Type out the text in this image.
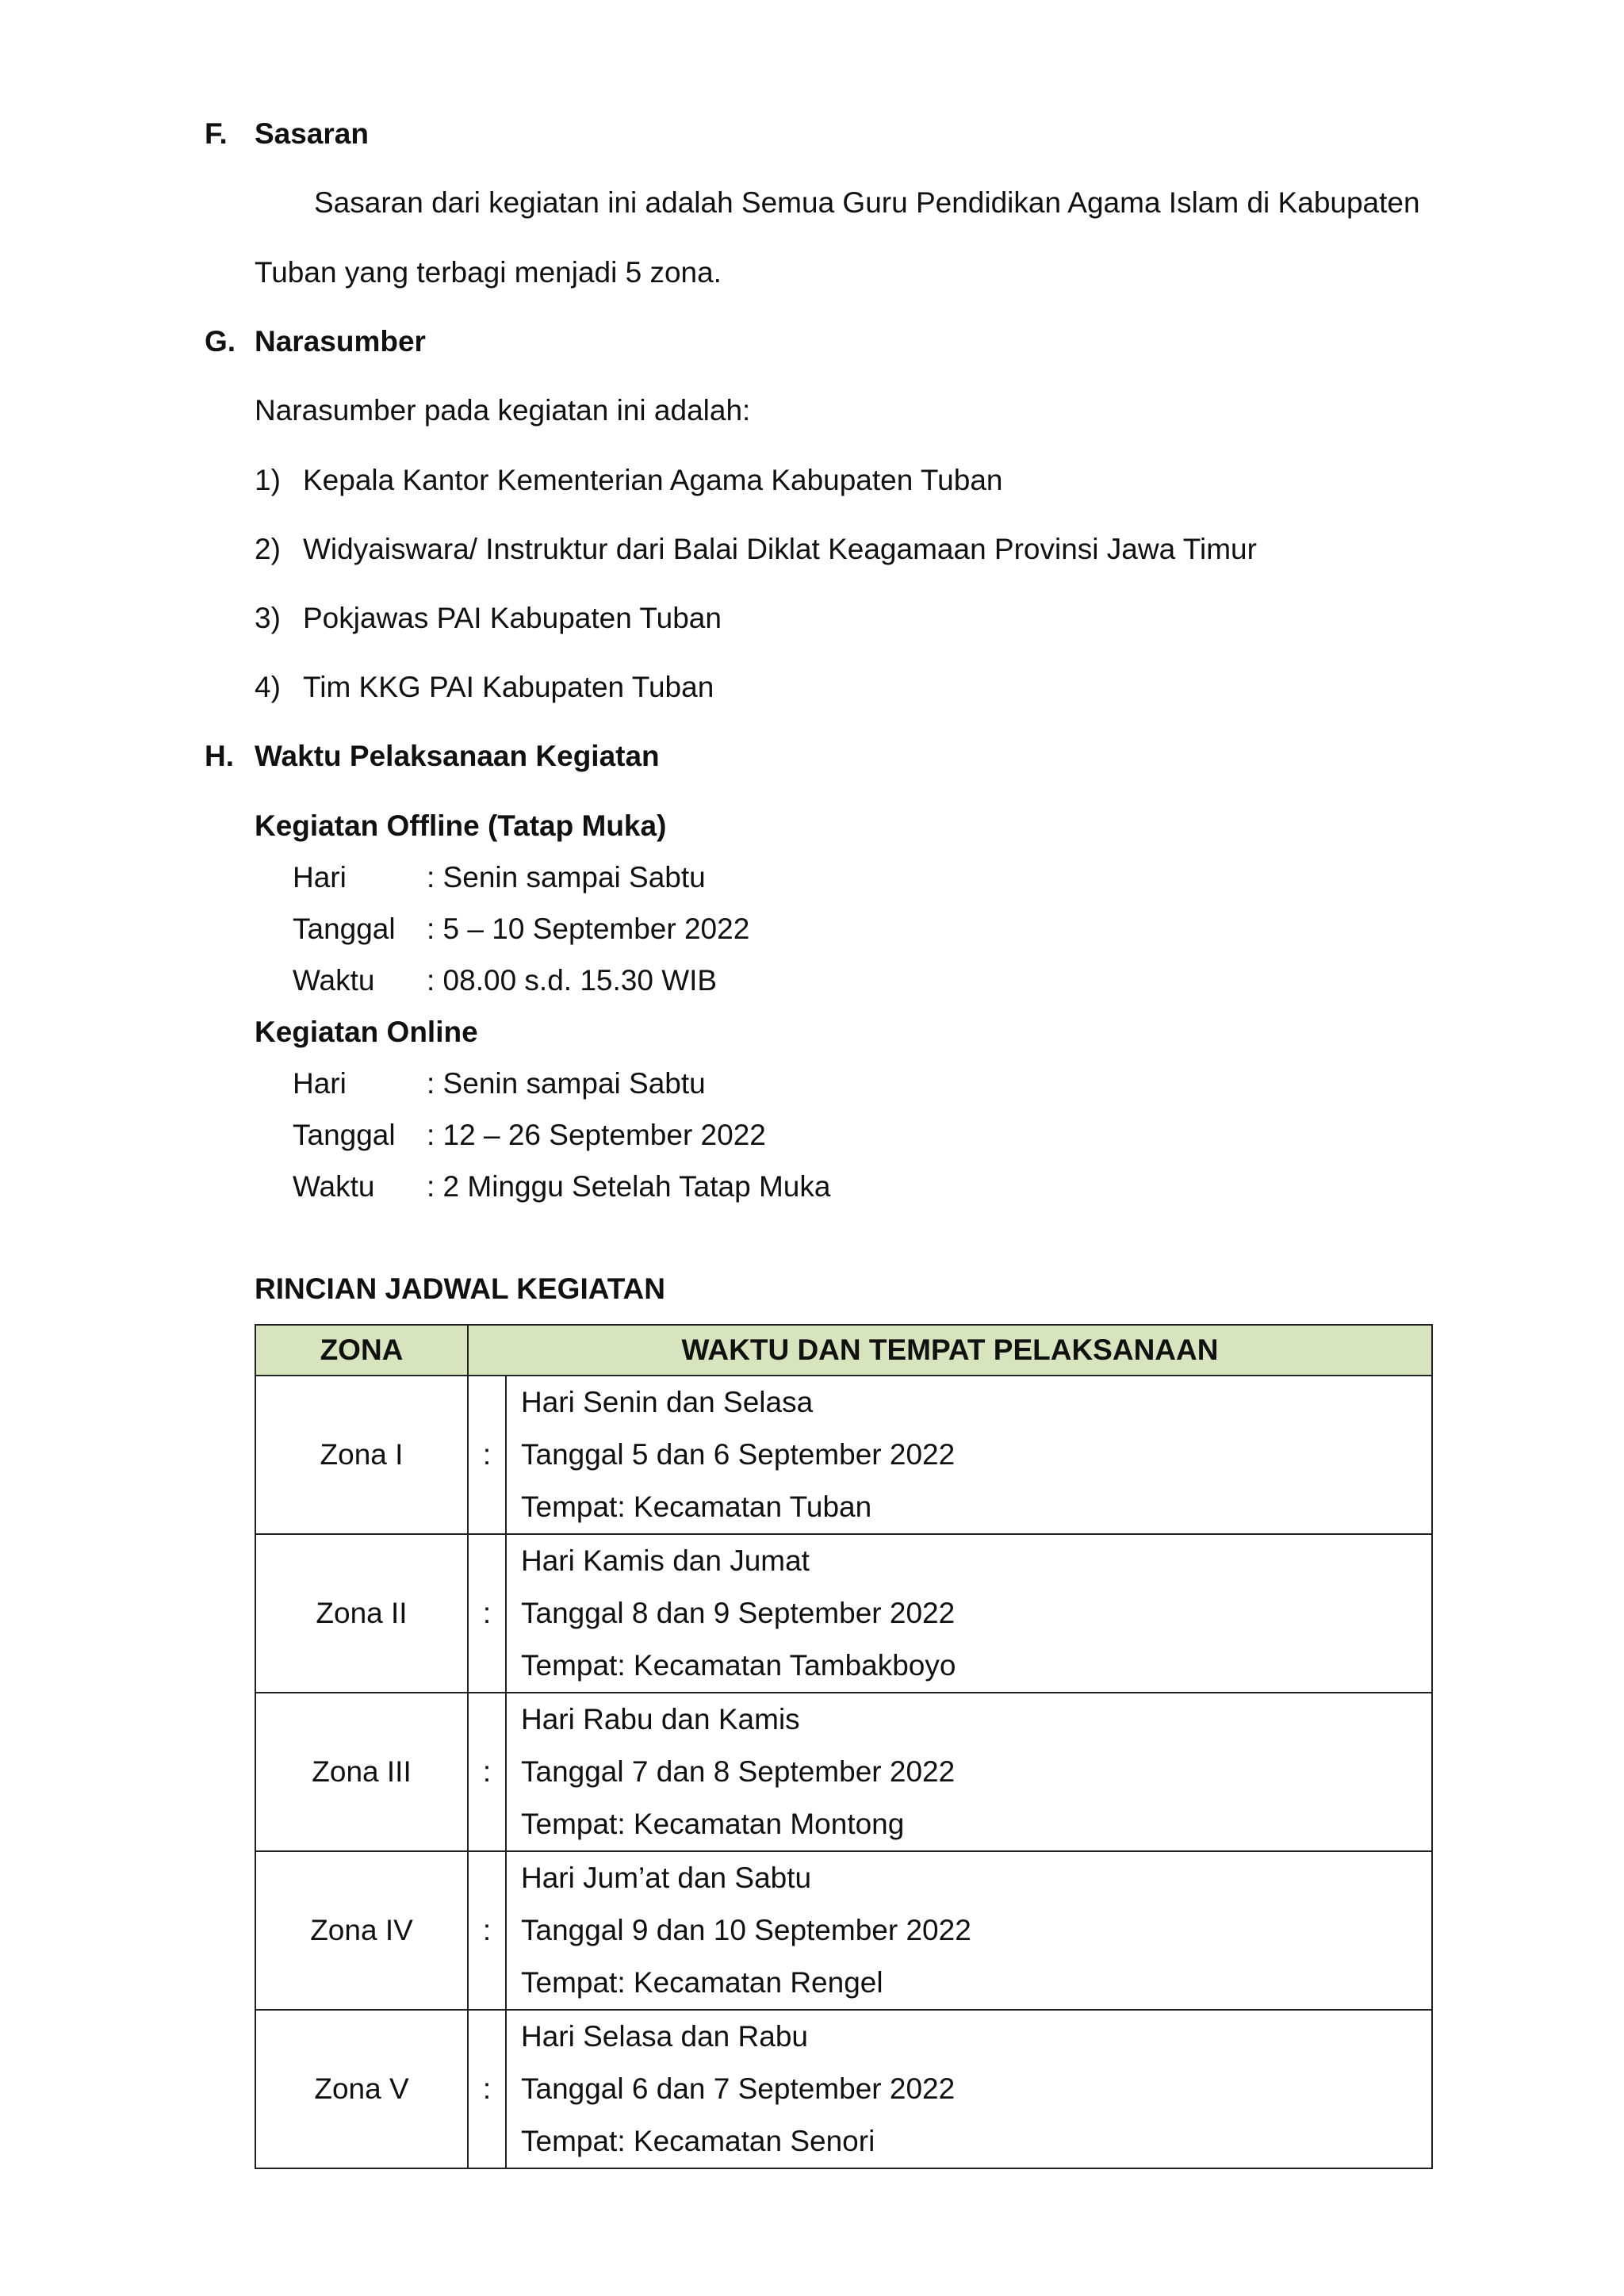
F. Sasaran
Sasaran dari kegiatan ini adalah Semua Guru Pendidikan Agama Islam di Kabupaten
Tuban yang terbagi menjadi 5 zona.
G. Narasumber
Narasumber pada kegiatan ini adalah:
1) Kepala Kantor Kementerian Agama Kabupaten Tuban
2) Widyaiswara/ Instruktur dari Balai Diklat Keagamaan Provinsi Jawa Timur
3) Pokjawas PAI Kabupaten Tuban
4) Tim KKG PAI Kabupaten Tuban
H. Waktu Pelaksanaan Kegiatan
Kegiatan Offline (Tatap Muka)
Hari	: Senin sampai Sabtu
Tanggal : 5 – 10 September 2022
Waktu : 08.00 s.d. 15.30 WIB
Kegiatan Online
Hari	: Senin sampai Sabtu
Tanggal : 12 – 26 September 2022
Waktu : 2 Minggu Setelah Tatap Muka
RINCIAN JADWAL KEGIATAN
ZONA	WAKTU DAN TEMPAT PELAKSANAAN	
Zona I	:	Hari Senin dan Selasa
Tanggal 5 dan 6 September 2022
Tempat: Kecamatan Tuban

Zona II	:	Hari Kamis dan Jumat
Tanggal 8 dan 9 September 2022
Tempat: Kecamatan Tambakboyo

Zona III	:	Hari Rabu dan Kamis
Tanggal 7 dan 8 September 2022
Tempat: Kecamatan Montong

Zona IV	:	Hari Jum’at dan Sabtu
Tanggal 9 dan 10 September 2022
Tempat: Kecamatan Rengel

Zona V	:	Hari Selasa dan Rabu
Tanggal 6 dan 7 September 2022
Tempat: Kecamatan Senori
